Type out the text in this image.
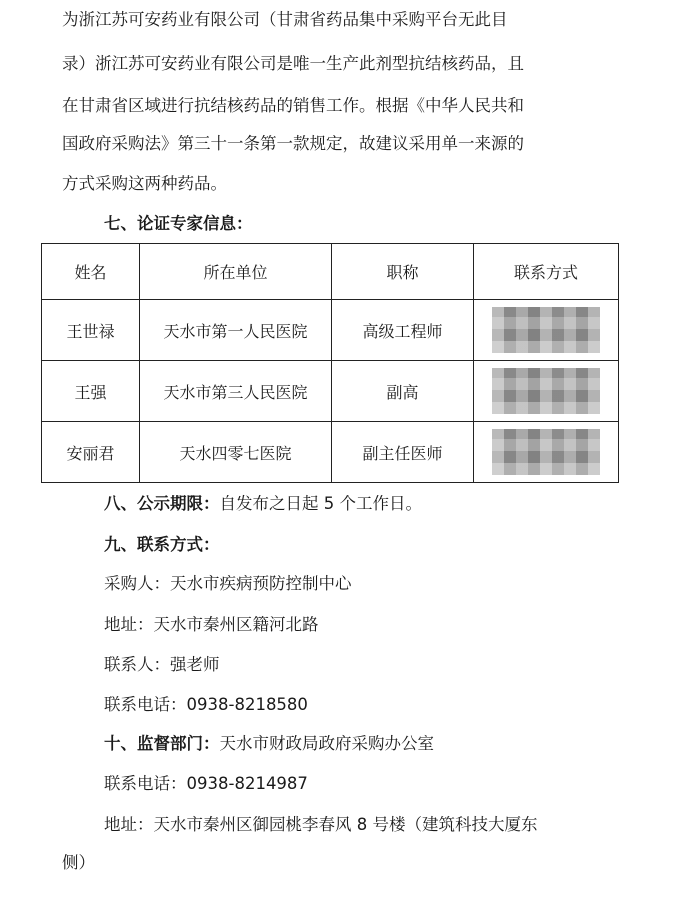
为浙江苏可安药业有限公司（甘肃省药品集中采购平台无此目
录）浙江苏可安药业有限公司是唯一生产此剂型抗结核药品，且
在甘肃省区域进行抗结核药品的销售工作。根据《中华人民共和
国政府采购法》第三十一条第一款规定，故建议采用单一来源的
方式采购这两种药品。
七、论证专家信息：
姓名	所在单位	职称	联系方式
王世禄	天水市第一人民医院	高级工程师	
王强	天水市第三人民医院	副高	
安丽君	天水四零七医院	副主任医师	
八、公示期限：自发布之日起 5 个工作日。
九、联系方式：
采购人：天水市疾病预防控制中心
地址：天水市秦州区籍河北路
联系人：强老师
联系电话：0938-8218580
十、监督部门：天水市财政局政府采购办公室
联系电话：0938-8214987
地址：天水市秦州区御园桃李春风 8 号楼（建筑科技大厦东
侧）
